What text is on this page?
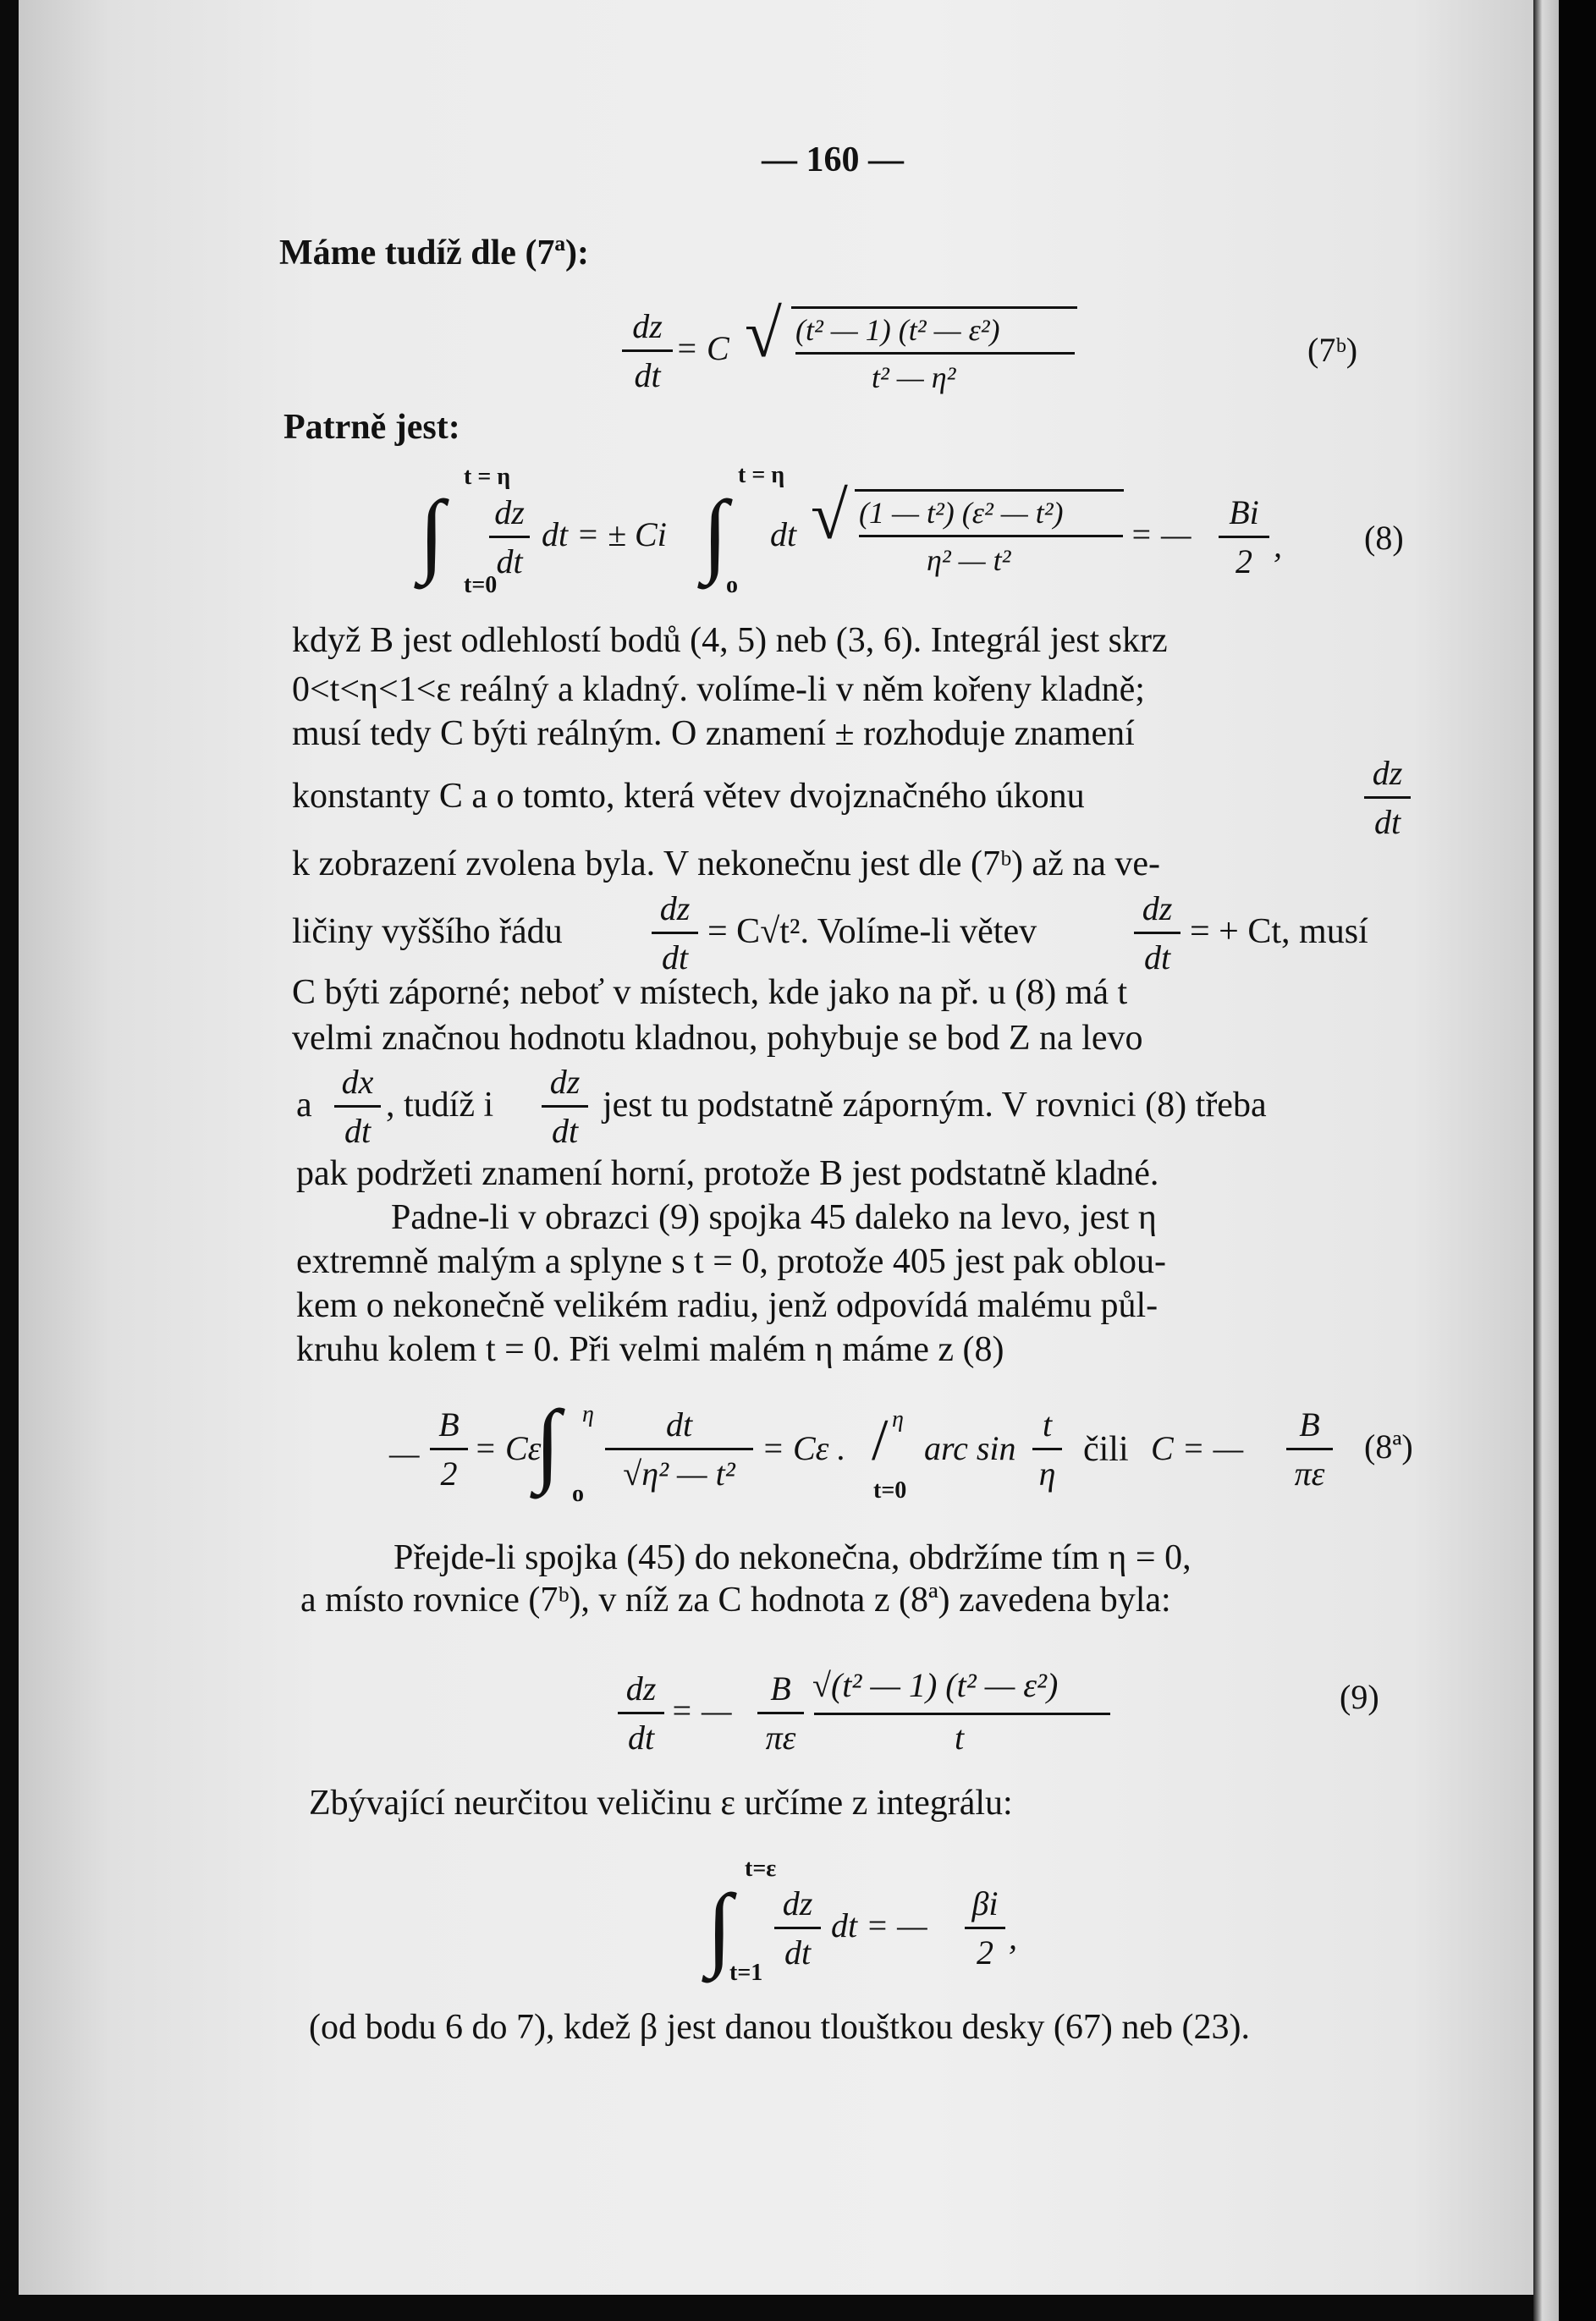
— 160 —
Máme tudíž dle (7ª):
dz
dt
= C √ (t² — 1) (t² — ε²)
t² — η²
(7ᵇ)
Patrně jest:
t = η
∫
t=0
dz
dt
dt = ± Ci
t = η
∫
o
dt √ (1 — t²) (ε² — t²)
η² — t²
= —
Bi
2 , (8)
když B jest odlehlostí bodů (4, 5) neb (3, 6). Integrál jest skrz
0<t<η<1<ε reálný a kladný. volíme-li v něm kořeny kladně;
musí tedy C býti reálným. O znamení ± rozhoduje znamení
konstanty C a o tomto, která větev dvojznačného úkonu
dz
dt
k zobrazení zvolena byla. V nekonečnu jest dle (7ᵇ) až na ve-
ličiny vyššího řádu
dz
dt
= C√t². Volíme-li větev
dz
dt
= + Ct, musí
C býti záporné; neboť v místech, kde jako na př. u (8) má t
velmi značnou hodnotu kladnou, pohybuje se bod Z na levo
a
dx
dt
, tudíž i
dz
dt
jest tu podstatně záporným. V rovnici (8) třeba
pak podržeti znamení horní, protože B jest podstatně kladné.
Padne-li v obrazci (9) spojka 45 daleko na levo, jest η
extremně malým a splyne s t = 0, protože 405 jest pak oblou-
kem o nekonečně velikém radiu, jenž odpovídá malému půl-
kruhu kolem t = 0. Při velmi malém η máme z (8)
—
B
2
= Cε
∫ η
o
dt
√η² — t²
= Cε . / η
t=0
arc sin
t
η
čili C = —
B
πε
(8ª)
Přejde-li spojka (45) do nekonečna, obdržíme tím η = 0,
a místo rovnice (7ᵇ), v níž za C hodnota z (8ª) zavedena byla:
dz
dt
= —
B
πε
√(t² — 1) (t² — ε²)
t
(9)
Zbývající neurčitou veličinu ε určíme z integrálu:
t=ε
∫
t=1
dz
dt
dt = —
βi
2 ,
(od bodu 6 do 7), kdež β jest danou tlouštkou desky (67) neb (23).
